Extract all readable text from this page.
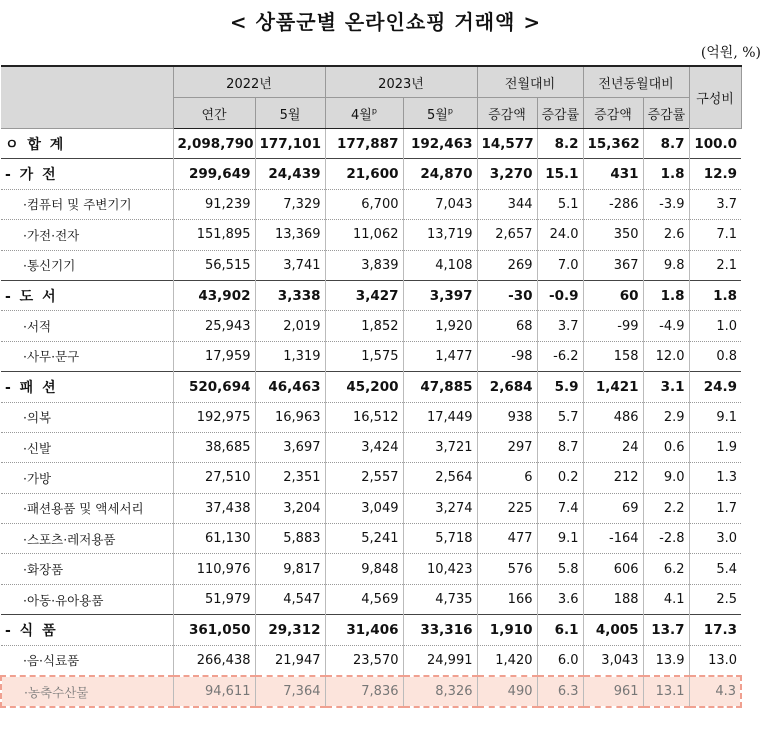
< 상품군별 온라인쇼핑 거래액 >
(억원, %)
	2022년		2023년		전월대비		전년동월대비		구성비
	연간	5월	4월$^p$	5월$^p$	증감액	증감률	증감액	증감률	
ㅇ 합 계	2,098,790	177,101	177,887	192,463	14,577	8.2	15,362	8.7	100.0
- 가 전	299,649	24,439	21,600	24,870	3,270	15.1	431	1.8	12.9
·컴퓨터 및 주변기기	91,239	7,329	6,700	7,043	344	5.1	-286	-3.9	3.7
·가전·전자	151,895	13,369	11,062	13,719	2,657	24.0	350	2.6	7.1
·통신기기	56,515	3,741	3,839	4,108	269	7.0	367	9.8	2.1
- 도 서	43,902	3,338	3,427	3,397	-30	-0.9	60	1.8	1.8
·서적	25,943	2,019	1,852	1,920	68	3.7	-99	-4.9	1.0
·사무·문구	17,959	1,319	1,575	1,477	-98	-6.2	158	12.0	0.8
- 패 션	520,694	46,463	45,200	47,885	2,684	5.9	1,421	3.1	24.9
·의복	192,975	16,963	16,512	17,449	938	5.7	486	2.9	9.1
·신발	38,685	3,697	3,424	3,721	297	8.7	24	0.6	1.9
·가방	27,510	2,351	2,557	2,564	6	0.2	212	9.0	1.3
·패션용품 및 액세서리	37,438	3,204	3,049	3,274	225	7.4	69	2.2	1.7
·스포츠·레저용품	61,130	5,883	5,241	5,718	477	9.1	-164	-2.8	3.0
·화장품	110,976	9,817	9,848	10,423	576	5.8	606	6.2	5.4
·아동·유아용품	51,979	4,547	4,569	4,735	166	3.6	188	4.1	2.5
- 식 품	361,050	29,312	31,406	33,316	1,910	6.1	4,005	13.7	17.3
·음·식료품	266,438	21,947	23,570	24,991	1,420	6.0	3,043	13.9	13.0
·농축수산물	94,611	7,364	7,836	8,326	490	6.3	961	13.1	4.3
